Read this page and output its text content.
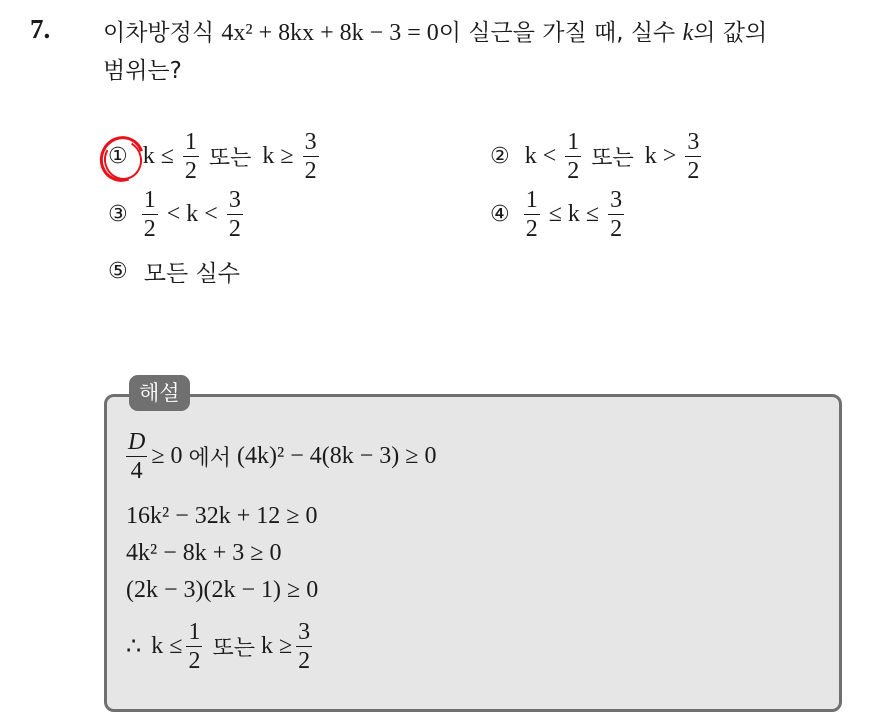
7. 이차방정식 4x² + 8kx + 8k − 3 = 0이 실근을 가질 때, 실수 k의 값의
범위는?
① $k \le \frac{1}{2}$ 또는 $k \ge \frac{3}{2}$	② $k < \frac{1}{2}$ 또는 $k > \frac{3}{2}$
③ $\frac{1}{2} < k < \frac{3}{2}$	④ $\frac{1}{2} \le k \le \frac{3}{2}$
⑤ 모든 실수
해설
$\frac{D}{4} \ge 0$ 에서 (4k)² − 4(8k − 3) ≥ 0
16k² − 32k + 12 ≥ 0
4k² − 8k + 3 ≥ 0
(2k − 3)(2k − 1) ≥ 0
∴ $k \le \frac{1}{2}$ 또는 $k \ge \frac{3}{2}$
